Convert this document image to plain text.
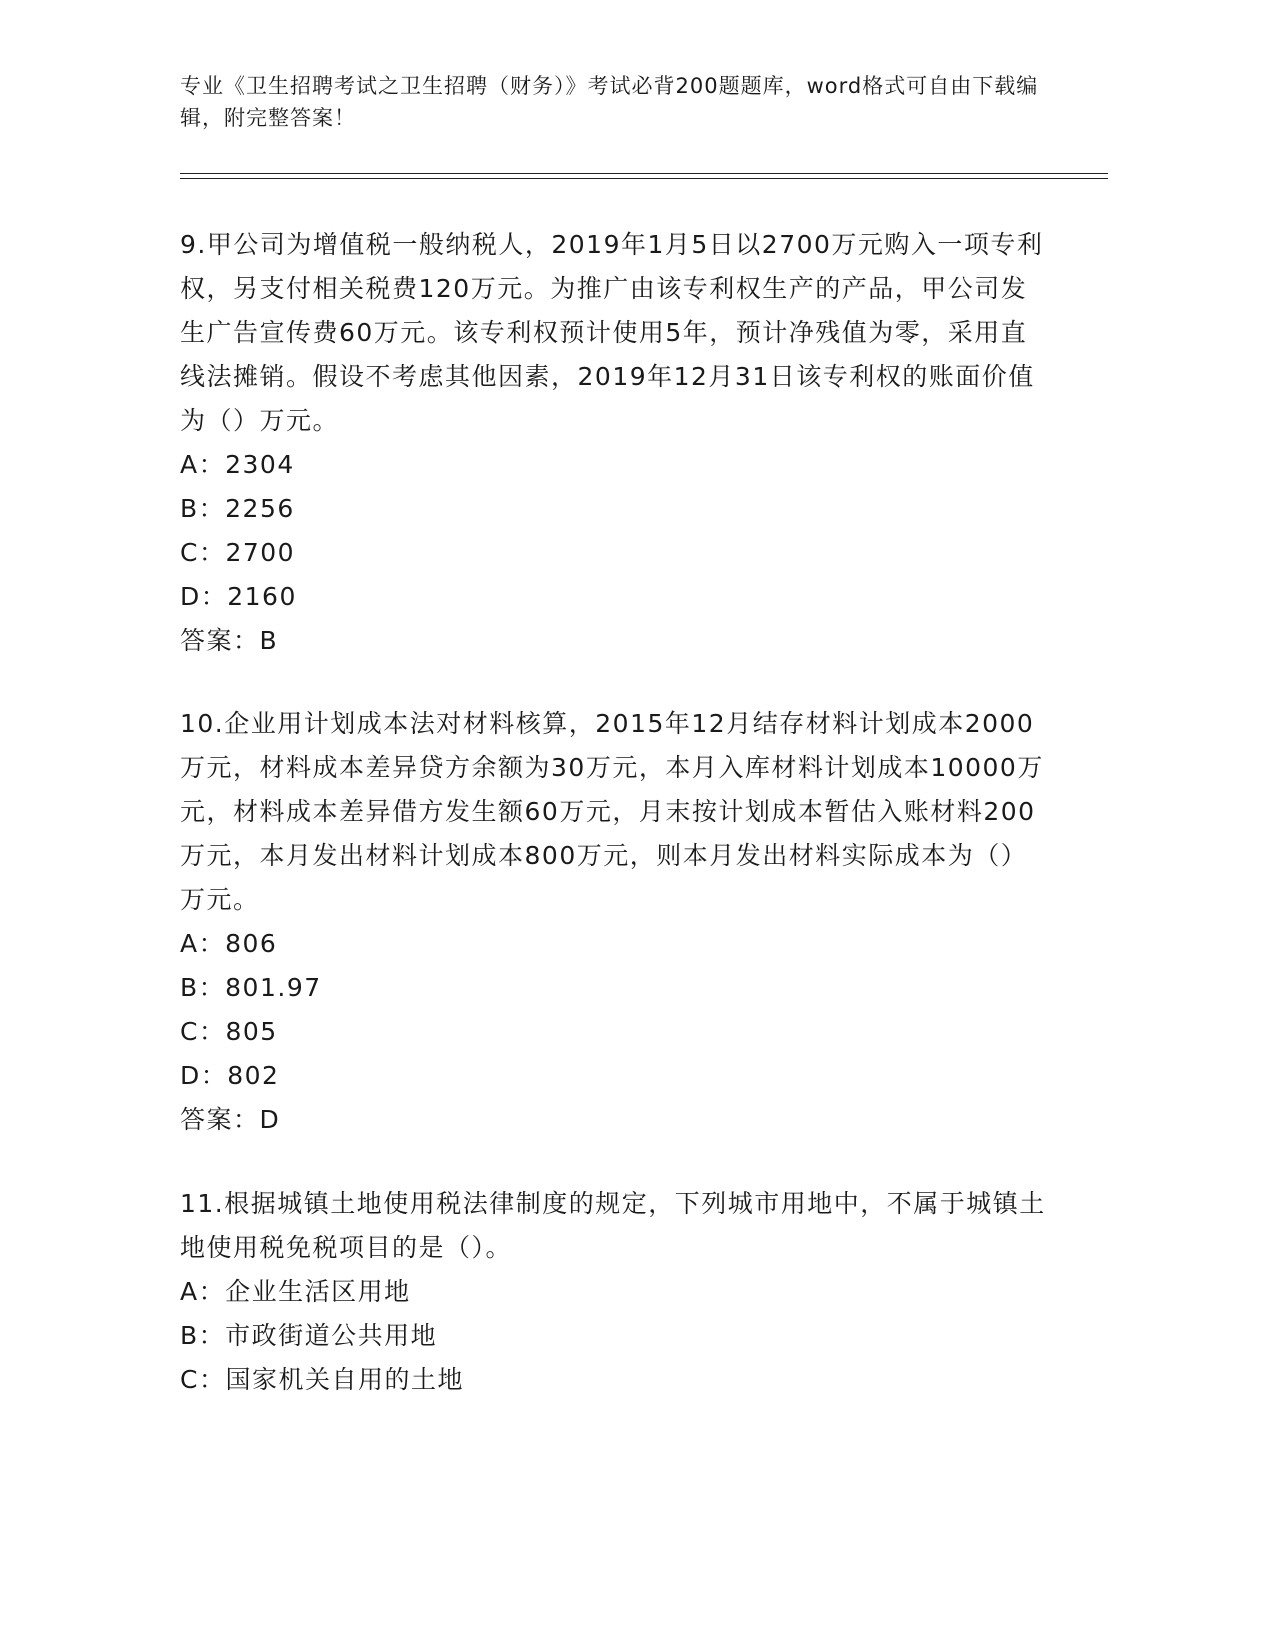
专业《卫生招聘考试之卫生招聘（财务）》考试必背200题题库，word格式可自由下载编辑，附完整答案！

9.甲公司为增值税一般纳税人，2019年1月5日以2700万元购入一项专利权，另支付相关税费120万元。为推广由该专利权生产的产品，甲公司发生广告宣传费60万元。该专利权预计使用5年，预计净残值为零，采用直线法摊销。假设不考虑其他因素，2019年12月31日该专利权的账面价值为（）万元。

A：2304

B：2256

C：2700

D：2160

答案：B

10.企业用计划成本法对材料核算，2015年12月结存材料计划成本2000万元，材料成本差异贷方余额为30万元，本月入库材料计划成本10000万元，材料成本差异借方发生额60万元，月末按计划成本暂估入账材料200万元，本月发出材料计划成本800万元，则本月发出材料实际成本为（）万元。

A：806

B：801.97

C：805

D：802

答案：D

11.根据城镇土地使用税法律制度的规定，下列城市用地中，不属于城镇土地使用税免税项目的是（）。

A：企业生活区用地

B：市政街道公共用地

C：国家机关自用的土地
